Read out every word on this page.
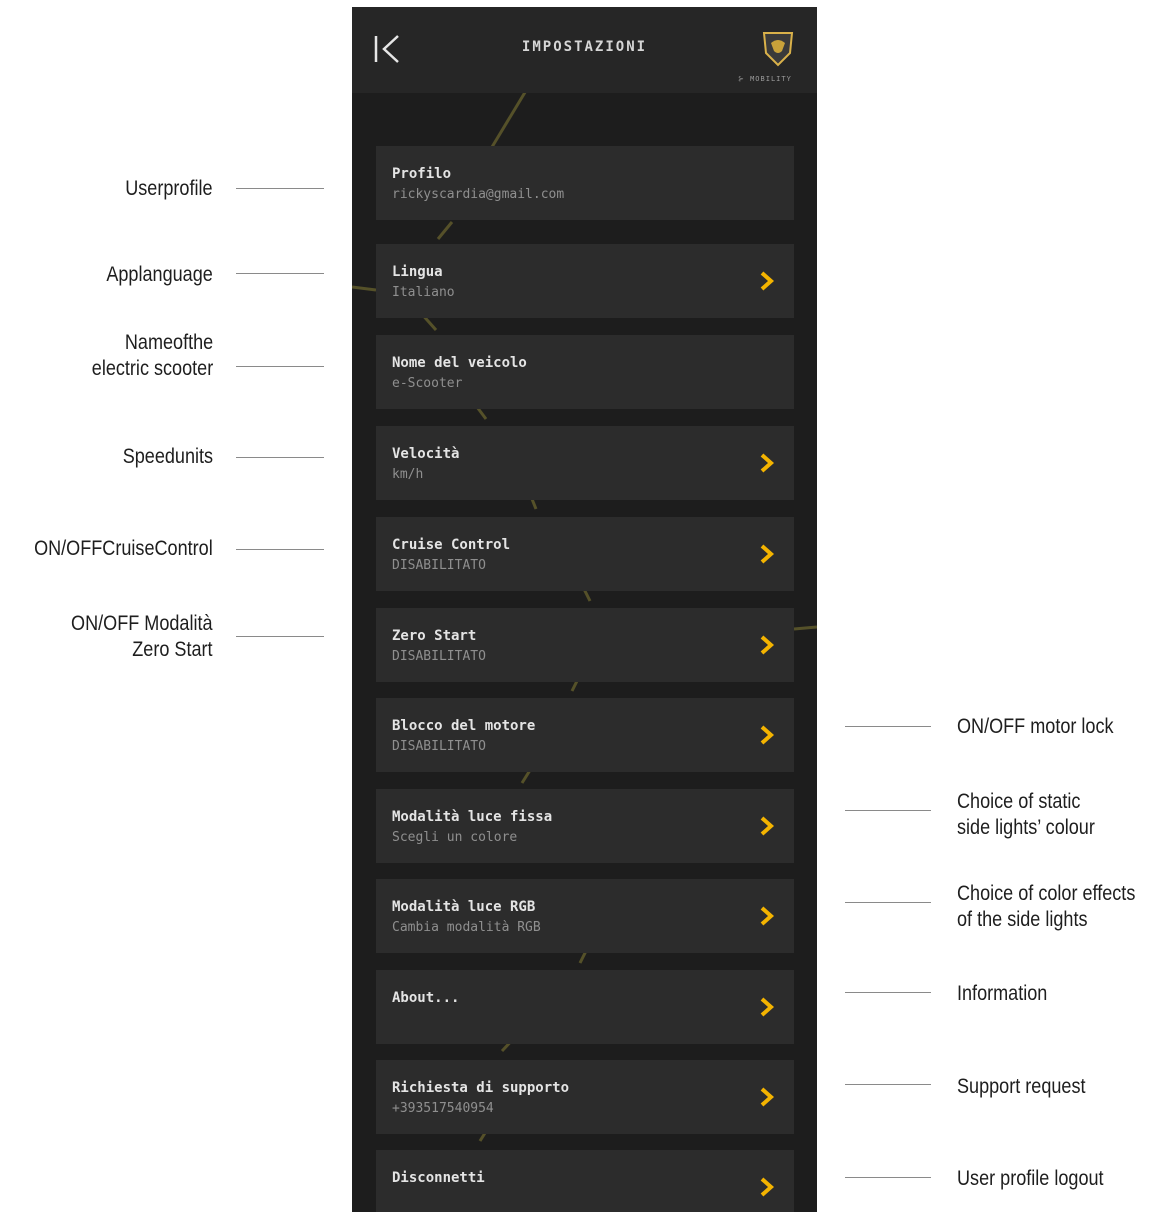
IMPOSTAZIONI
⊱ MOBILITY
Profilo
rickyscardia@gmail.com
Lingua
Italiano
Nome del veicolo
e-Scooter
Velocità
km/h
Cruise Control
DISABILITATO
Zero Start
DISABILITATO
Blocco del motore
DISABILITATO
Modalità luce fissa
Scegli un colore
Modalità luce RGB
Cambia modalità RGB
About...
Richiesta di supporto
+393517540954
Disconnetti
Userprofile
Applanguage
Nameofthe
electric scooter
Speedunits
ON/OFFCruiseControl
ON/OFF Modalità
Zero Start
ON/OFF motor lock
Choice of static
side lights’ colour
Choice of color effects
of the side lights
Information
Support request
User profile logout
